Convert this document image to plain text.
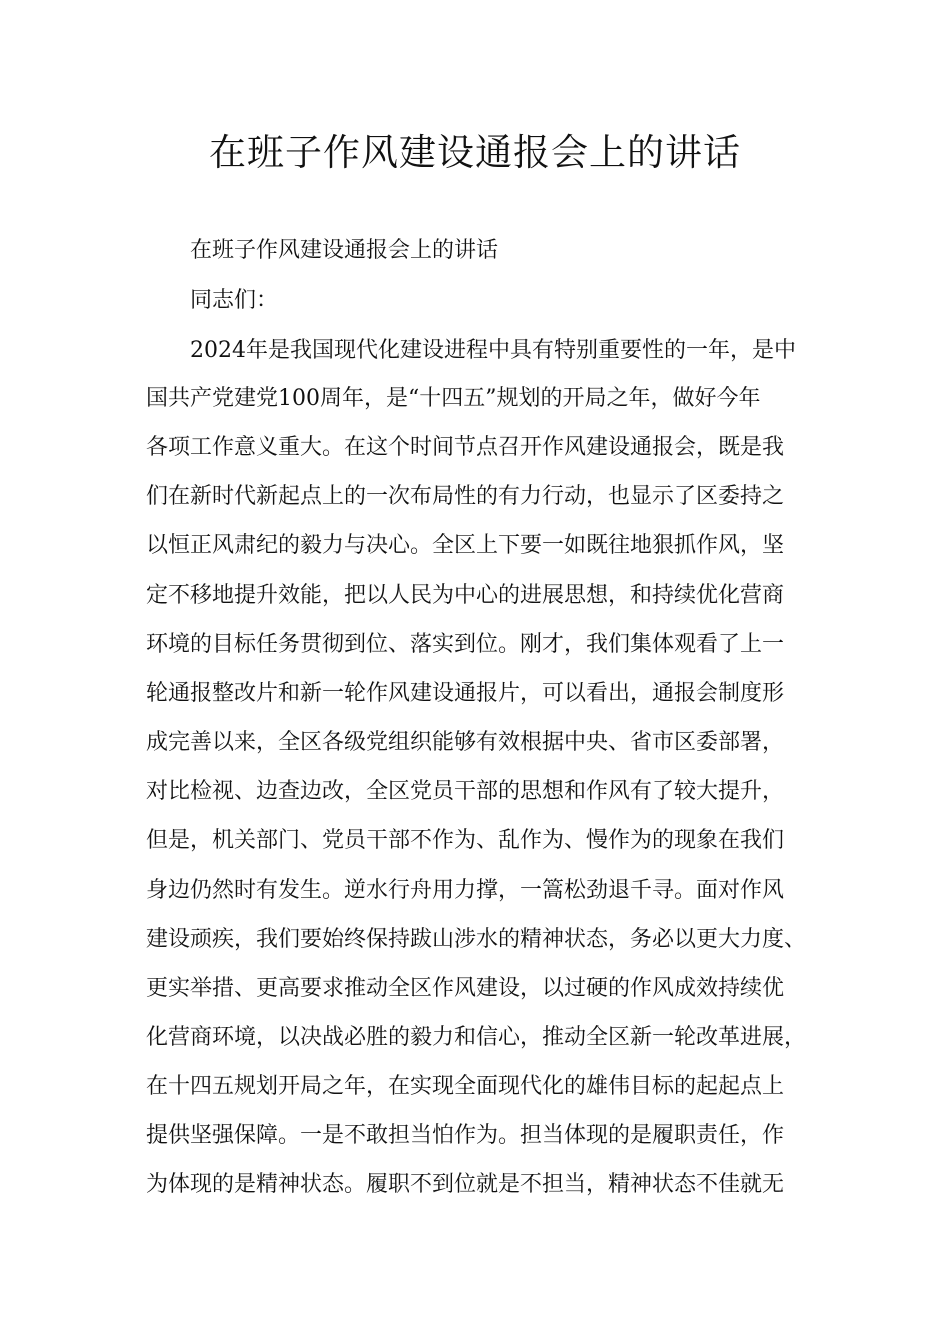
在班子作风建设通报会上的讲话

在班子作风建设通报会上的讲话

同志们：

2024年是我国现代化建设进程中具有特别重要性的一年，是中

国共产党建党100周年，是“十四五”规划的开局之年，做好今年

各项工作意义重大。在这个时间节点召开作风建设通报会，既是我

们在新时代新起点上的一次布局性的有力行动，也显示了区委持之

以恒正风肃纪的毅力与决心。全区上下要一如既往地狠抓作风，坚

定不移地提升效能，把以人民为中心的进展思想，和持续优化营商

环境的目标任务贯彻到位、落实到位。刚才，我们集体观看了上一

轮通报整改片和新一轮作风建设通报片，可以看出，通报会制度形

成完善以来，全区各级党组织能够有效根据中央、省市区委部署，

对比检视、边查边改，全区党员干部的思想和作风有了较大提升，

但是，机关部门、党员干部不作为、乱作为、慢作为的现象在我们

身边仍然时有发生。逆水行舟用力撑，一篙松劲退千寻。面对作风

建设顽疾，我们要始终保持跋山涉水的精神状态，务必以更大力度、

更实举措、更高要求推动全区作风建设，以过硬的作风成效持续优

化营商环境，以决战必胜的毅力和信心，推动全区新一轮改革进展，

在十四五规划开局之年，在实现全面现代化的雄伟目标的起起点上

提供坚强保障。一是不敢担当怕作为。担当体现的是履职责任，作

为体现的是精神状态。履职不到位就是不担当，精神状态不佳就无
